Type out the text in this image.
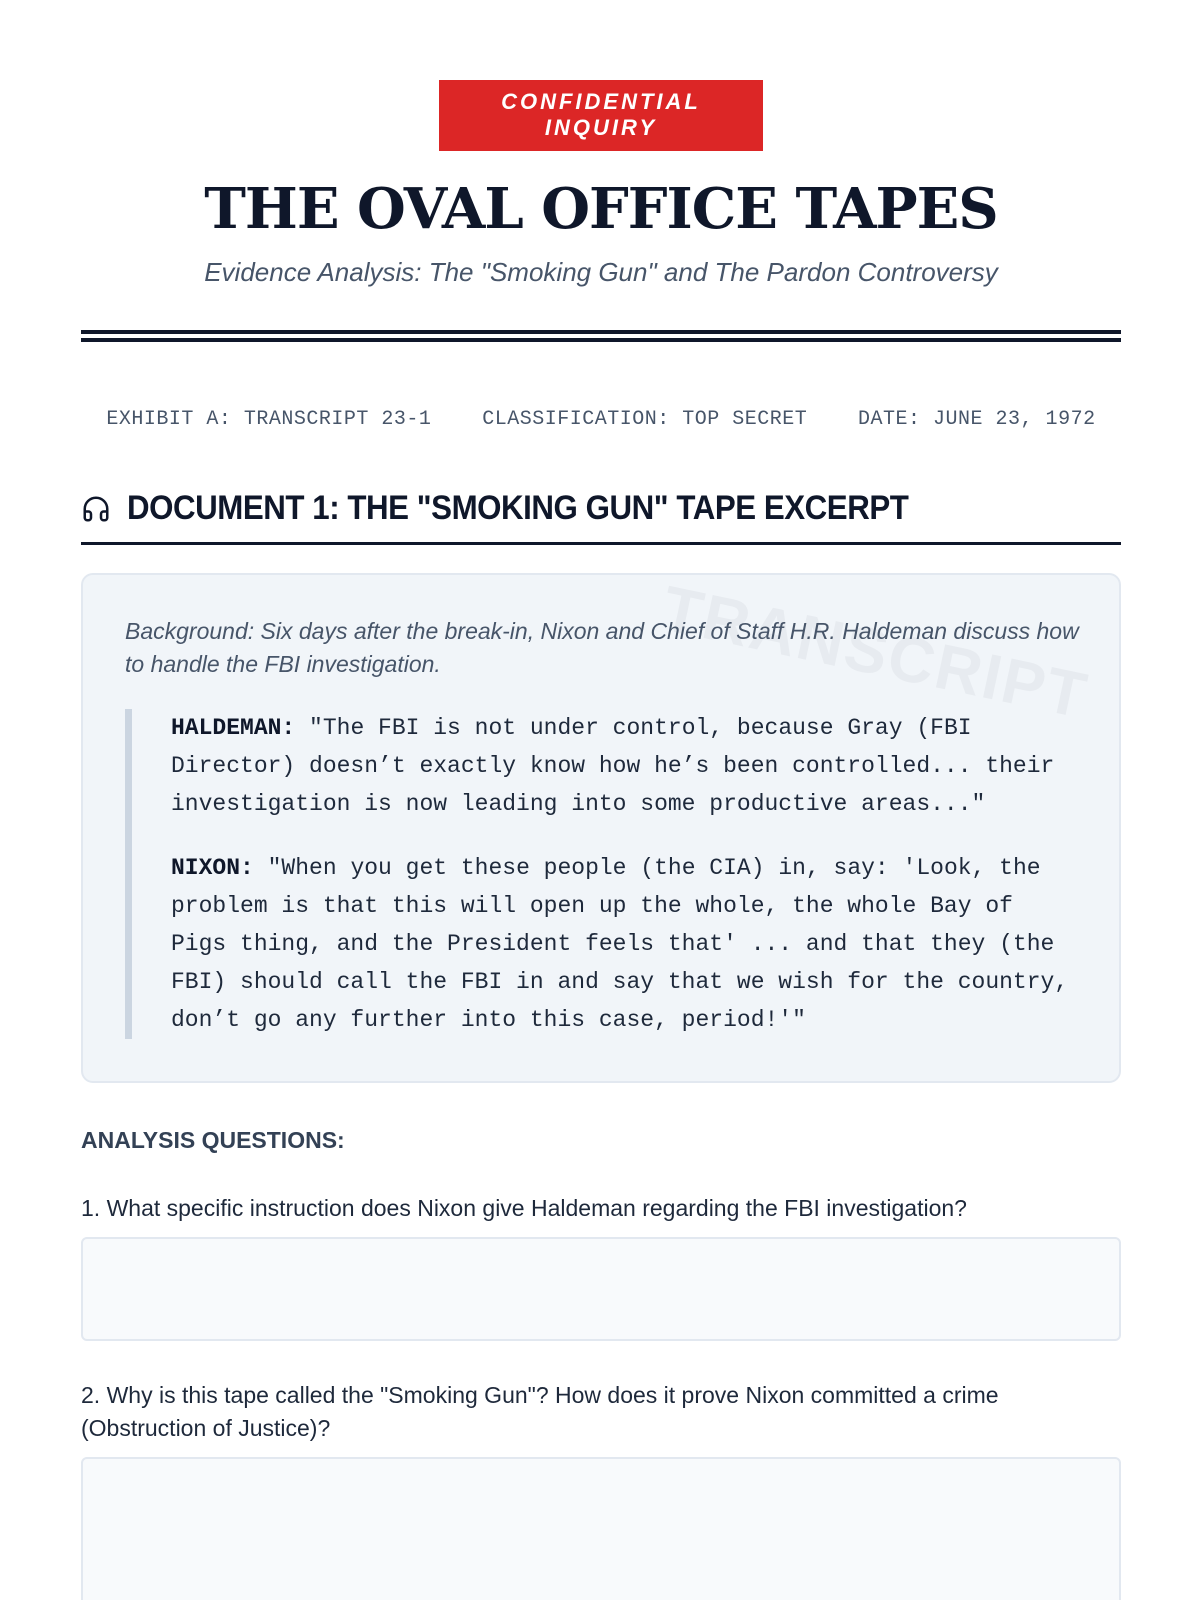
CONFIDENTIAL INQUIRY
THE OVAL OFFICE TAPES
Evidence Analysis: The "Smoking Gun" and The Pardon Controversy
EXHIBIT A: TRANSCRIPT 23-1	CLASSIFICATION: TOP SECRET	DATE: JUNE 23, 1972
DOCUMENT 1: THE "SMOKING GUN" TAPE EXCERPT
Background: Six days after the break-in, Nixon and Chief of Staff H.R. Haldeman discuss how to handle the FBI investigation.

HALDEMAN: "The FBI is not under control, because Gray (FBI Director) doesn’t exactly know how he’s been controlled... their investigation is now leading into some productive areas..."

NIXON: "When you get these people (the CIA) in, say: 'Look, the problem is that this will open up the whole, the whole Bay of Pigs thing, and the President feels that' ... and that they (the FBI) should call the FBI in and say that we wish for the country, don’t go any further into this case, period!'"

ANALYSIS QUESTIONS:
1. What specific instruction does Nixon give Haldeman regarding the FBI investigation?
2. Why is this tape called the "Smoking Gun"? How does it prove Nixon committed a crime (Obstruction of Justice)?
